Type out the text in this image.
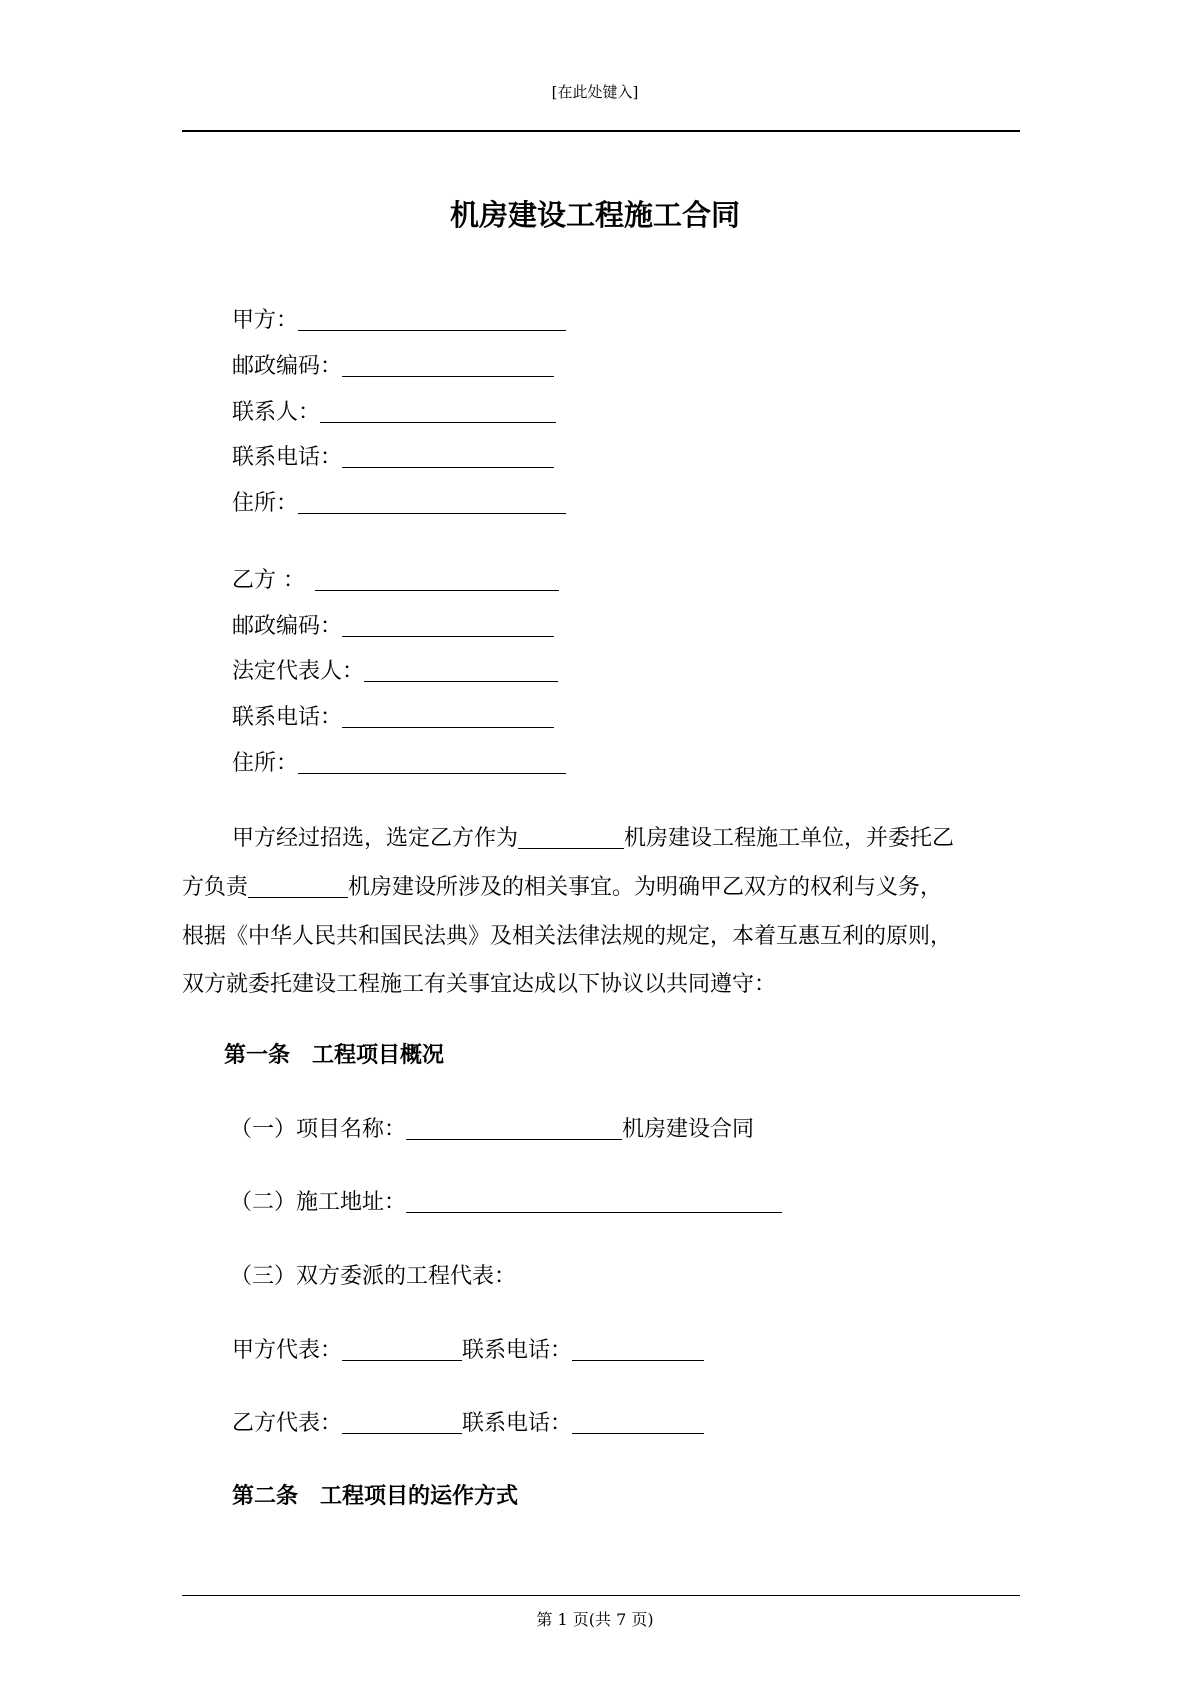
[在此处键入]
机房建设工程施工合同
甲方：
邮政编码：
联系人：
联系电话：
住所：
乙方 ：
邮政编码：
法定代表人：
联系电话：
住所：
甲方经过招选，选定乙方作为	机房建设工程施工单位，并委托乙
方负责	机房建设所涉及的相关事宜。为明确甲乙双方的权利与义务，
根据《中华人民共和国民法典》及相关法律法规的规定，本着互惠互利的原则，
双方就委托建设工程施工有关事宜达成以下协议以共同遵守：
第一条　工程项目概况
（一）项目名称：	机房建设合同
（二）施工地址：
（三）双方委派的工程代表：
甲方代表：	联系电话：
乙方代表：	联系电话：
第二条　工程项目的运作方式
第 1 页(共 7 页)
